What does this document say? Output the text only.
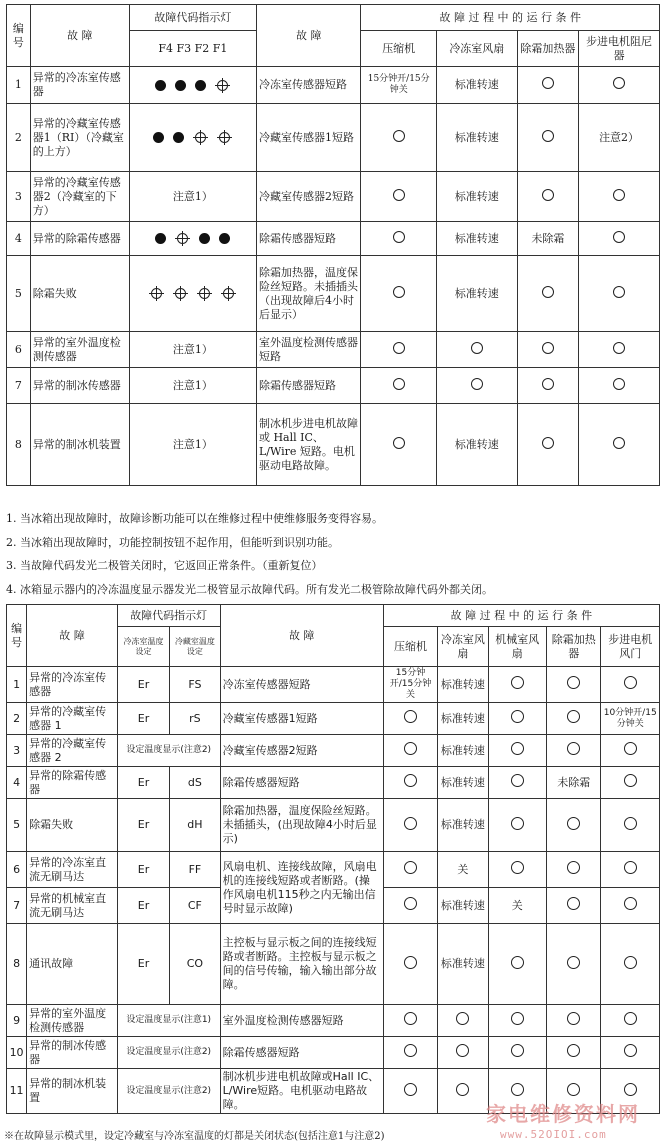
编号	故 障	故障代码指示灯	故 障	故 障 过 程 中 的 运 行 条 件			
		F4 F3 F2 F1		压缩机	冷冻室风扇	除霜加热器	步进电机阻尼器
1	异常的冷冻室传感器		冷冻室传感器短路	15分钟开/15分钟关	标准转速		
2	异常的冷藏室传感器1（RI）（冷藏室的上方）		冷藏室传感器1短路		标准转速		注意2）
3	异常的冷藏室传感器2（冷藏室的下方）	注意1）	冷藏室传感器2短路		标准转速		
4	异常的除霜传感器		除霜传感器短路		标准转速	未除霜	
5	除霜失败		除霜加热器，温度保险丝短路。未插插头（出现故障后4小时后显示）		标准转速		
6	异常的室外温度检测传感器	注意1）	室外温度检测传感器短路				
7	异常的制冰传感器	注意1）	除霜传感器短路				
8	异常的制冰机装置	注意1）	制冰机步进电机故障或 Hall IC、L/Wire 短路。电机驱动电路故障。		标准转速		
1. 当冰箱出现故障时，故障诊断功能可以在维修过程中使维修服务变得容易。
2. 当冰箱出现故障时，功能控制按钮不起作用，但能听到识别功能。
3. 当故障代码发光二极管关闭时，它返回正常条件。（重新复位）
4. 冰箱显示器内的冷冻温度显示器发光二极管显示故障代码。所有发光二极管除故障代码外都关闭。
编号	故 障	故障代码指示灯		故 障	故 障 过 程 中 的 运 行 条 件				
		冷冻室温度设定	冷藏室温度设定		压缩机	冷冻室风扇	机械室风扇	除霜加热器	步进电机风门
1	异常的冷冻室传感器	Er	FS	冷冻室传感器短路	15分钟开/15分钟关	标准转速			
2	异常的冷藏室传感器 1	Er	rS	冷藏室传感器1短路		标准转速			10分钟开/15分钟关
3	异常的冷藏室传感器 2	设定温度显示(注意2)		冷藏室传感器2短路		标准转速			
4	异常的除霜传感器	Er	dS	除霜传感器短路		标准转速		未除霜	
5	除霜失败	Er	dH	除霜加热器，温度保险丝短路。未插插头，(出现故障4小时后显示)		标准转速			
6	异常的冷冻室直流无刷马达	Er	FF	风扇电机、连接线故障，风扇电机的连接线短路或者断路。(操作风扇电机115秒之内无输出信号时显示故障)		关			
7	异常的机械室直流无刷马达	Er	CF			标准转速	关		
8	通讯故障	Er	CO	主控板与显示板之间的连接线短路或者断路。主控板与显示板之间的信号传输，输入输出部分故障。		标准转速			
9	异常的室外温度检测传感器	设定温度显示(注意1)		室外温度检测传感器短路					
10	异常的制冰传感器	设定温度显示(注意2)		除霜传感器短路					
11	异常的制冰机装置	设定温度显示(注意2)		制冰机步进电机故障或Hall IC、L/Wire短路。电机驱动电路故障。						家电维修资料网
www.52OIOI.com
※在故障显示模式里，设定冷藏室与冷冻室温度的灯都是关闭状态(包括注意1与注意2)
